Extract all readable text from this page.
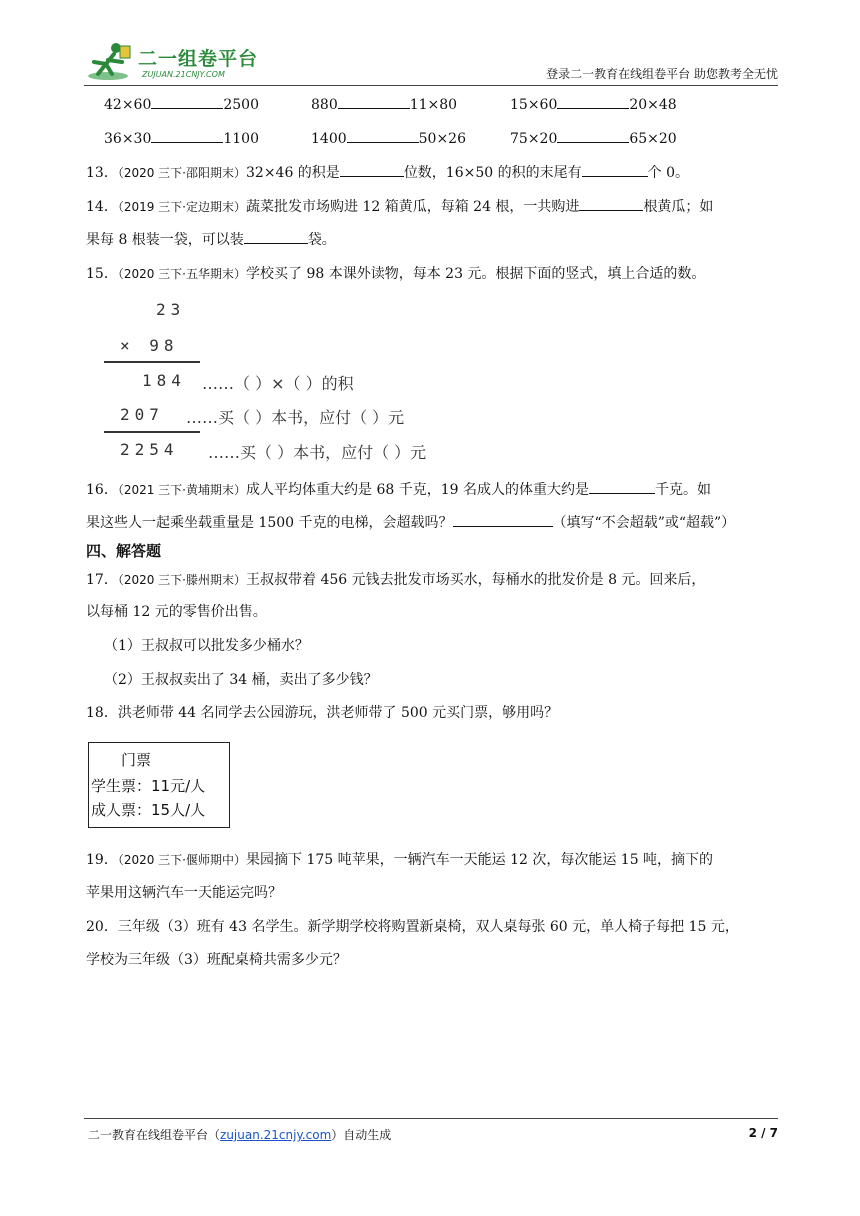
二一组卷平台
ZUJUAN.21CNJY.COM	登录二一教育在线组卷平台 助您教考全无忧
42×60	2500	880	11×80	15×60	20×48
36×30	1100	1400	50×26	75×20	65×20
13．（2020 三下·邵阳期末）32×46 的积是	位数，16×50 的积的末尾有	个 0。
14．（2019 三下·定边期末）蔬菜批发市场购进 12 箱黄瓜，每箱 24 根，一共购进	根黄瓜；如
果每 8 根装一袋，可以装	袋。
15．（2020 三下·五华期末）学校买了 98 本课外读物，每本 23 元。根据下面的竖式，填上合适的数。
23
× 98
184 ……（ ）×（ ）的积
207 ……买（ ）本书，应付（ ）元
2254 ……买（ ）本书，应付（ ）元
16．（2021 三下·黄埔期末）成人平均体重大约是 68 千克，19 名成人的体重大约是	千克。如
果这些人一起乘坐载重量是 1500 千克的电梯，会超载吗？	（填写“不会超载”或“超载”）
四、解答题
17．（2020 三下·滕州期末）王叔叔带着 456 元钱去批发市场买水，每桶水的批发价是 8 元。回来后，
以每桶 12 元的零售价出售。
（1）王叔叔可以批发多少桶水？
（2）王叔叔卖出了 34 桶，卖出了多少钱？
18．洪老师带 44 名同学去公园游玩，洪老师带了 500 元买门票，够用吗？
门票
学生票：11元/人
成人票：15人/人
19．（2020 三下·偃师期中）果园摘下 175 吨苹果，一辆汽车一天能运 12 次，每次能运 15 吨，摘下的
苹果用这辆汽车一天能运完吗？
20．三年级（3）班有 43 名学生。新学期学校将购置新桌椅，双人桌每张 60 元，单人椅子每把 15 元，
学校为三年级（3）班配桌椅共需多少元？
二一教育在线组卷平台（zujuan.21cnjy.com）自动生成	2 / 7
